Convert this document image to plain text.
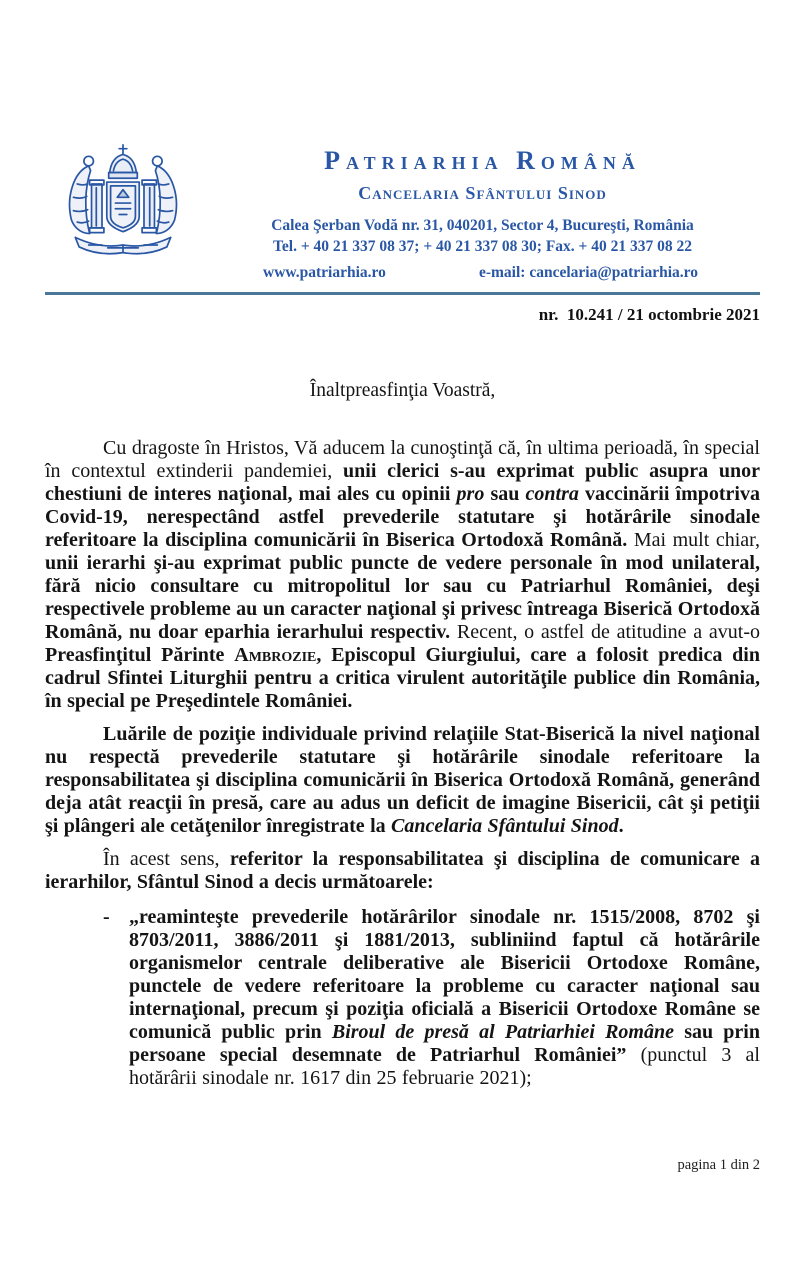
Patriarhia Română
Cancelaria Sfântului Sinod
Calea Şerban Vodă nr. 31, 040201, Sector 4, Bucureşti, România
Tel. + 40 21 337 08 37; + 40 21 337 08 30; Fax. + 40 21 337 08 22
www.patriarhia.ro	e-mail: cancelaria@patriarhia.ro
nr.  10.241 / 21 octombrie 2021
Înaltpreasfinţia Voastră,

Cu dragoste în Hristos, Vă aducem la cunoştinţă că, în ultima perioadă, în special în contextul extinderii pandemiei, unii clerici s-au exprimat public asupra unor chestiuni de interes naţional, mai ales cu opinii pro sau contra vaccinării împotriva Covid-19, nerespectând astfel prevederile statutare şi hotărârile sinodale referitoare la disciplina comunicării în Biserica Ortodoxă Română. Mai mult chiar, unii ierarhi şi-au exprimat public puncte de vedere personale în mod unilateral, fără nicio consultare cu mitropolitul lor sau cu Patriarhul României, deşi respectivele probleme au un caracter naţional şi privesc întreaga Biserică Ortodoxă Română, nu doar eparhia ierarhului respectiv. Recent, o astfel de atitudine a avut-o Preasfinţitul Părinte Ambrozie, Episcopul Giurgiului, care a folosit predica din cadrul Sfintei Liturghii pentru a critica virulent autorităţile publice din România, în special pe Preşedintele României.

Luările de poziţie individuale privind relaţiile Stat-Biserică la nivel naţional nu respectă prevederile statutare şi hotărârile sinodale referitoare la responsabilitatea şi disciplina comunicării în Biserica Ortodoxă Română, generând deja atât reacţii în presă, care au adus un deficit de imagine Bisericii, cât şi petiţii şi plângeri ale cetăţenilor înregistrate la Cancelaria Sfântului Sinod.

În acest sens, referitor la responsabilitatea şi disciplina de comunicare a ierarhilor, Sfântul Sinod a decis următoarele:

- „reaminteşte prevederile hotărârilor sinodale nr. 1515/2008, 8702 şi 8703/2011, 3886/2011 şi 1881/2013, subliniind faptul că hotărârile organismelor centrale deliberative ale Bisericii Ortodoxe Române, punctele de vedere referitoare la probleme cu caracter naţional sau internaţional, precum şi poziţia oficială a Bisericii Ortodoxe Române se comunică public prin Biroul de presă al Patriarhiei Române sau prin persoane special desemnate de Patriarhul României” (punctul 3 al hotărârii sinodale nr. 1617 din 25 februarie 2021);
pagina 1 din 2
